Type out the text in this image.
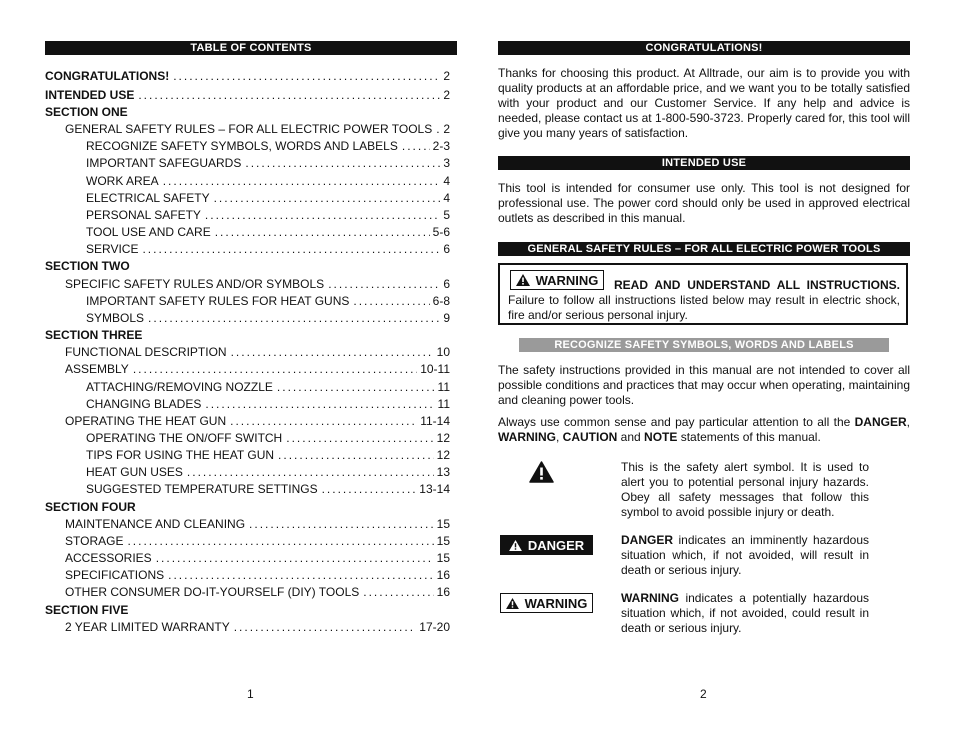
TABLE OF CONTENTS
CONGRATULATIONS! .....	2
INTENDED USE .....	2
SECTION ONE
GENERAL SAFETY RULES – FOR ALL ELECTRIC POWER TOOLS ..... 2
RECOGNIZE SAFETY SYMBOLS, WORDS AND LABELS .....	2-3
IMPORTANT SAFEGUARDS .....	3
WORK AREA .....	4
ELECTRICAL SAFETY .....	4
PERSONAL SAFETY .....	5
TOOL USE AND CARE .....	5-6
SERVICE .....	6
SECTION TWO
SPECIFIC SAFETY RULES AND/OR SYMBOLS .....	6
IMPORTANT SAFETY RULES FOR HEAT GUNS .....	6-8
SYMBOLS .....	9
SECTION THREE
FUNCTIONAL DESCRIPTION .....	10
ASSEMBLY .....	10-11
ATTACHING/REMOVING NOZZLE .....	11
CHANGING BLADES .....	11
OPERATING THE HEAT GUN .....	11-14
OPERATING THE ON/OFF SWITCH .....	12
TIPS FOR USING THE HEAT GUN .....	12
HEAT GUN USES .....	13
SUGGESTED TEMPERATURE SETTINGS .....	13-14
SECTION FOUR
MAINTENANCE AND CLEANING .....	15
STORAGE .....	15
ACCESSORIES .....	15
SPECIFICATIONS .....	16
OTHER CONSUMER DO-IT-YOURSELF (DIY) TOOLS .....	16
SECTION FIVE
2 YEAR LIMITED WARRANTY .....	17-20
1
CONGRATULATIONS!
Thanks for choosing this product. At Alltrade, our aim is to provide you with quality products at an affordable price, and we want you to be totally satisfied with your product and our Customer Service. If any help and advice is needed, please contact us at 1-800-590-3723. Properly cared for, this tool will give you many years of satisfaction.
INTENDED USE
This tool is intended for consumer use only. This tool is not designed for professional use. The power cord should only be used in approved electrical outlets as described in this manual.
GENERAL SAFETY RULES – FOR ALL ELECTRIC POWER TOOLS
WARNING	READ AND UNDERSTAND ALL INSTRUCTIONS. Failure to follow all instructions listed below may result in electric shock, fire and/or serious personal injury.
RECOGNIZE SAFETY SYMBOLS, WORDS AND LABELS
The safety instructions provided in this manual are not intended to cover all possible conditions and practices that may occur when operating, maintaining and cleaning power tools.
Always use common sense and pay particular attention to all the DANGER, WARNING, CAUTION and NOTE statements of this manual.
This is the safety alert symbol. It is used to alert you to potential personal injury hazards. Obey all safety messages that follow this symbol to avoid possible injury or death.
DANGER	DANGER indicates an imminently hazardous situation which, if not avoided, will result in death or serious injury.
WARNING	WARNING indicates a potentially hazardous situation which, if not avoided, could result in death or serious injury.
2
